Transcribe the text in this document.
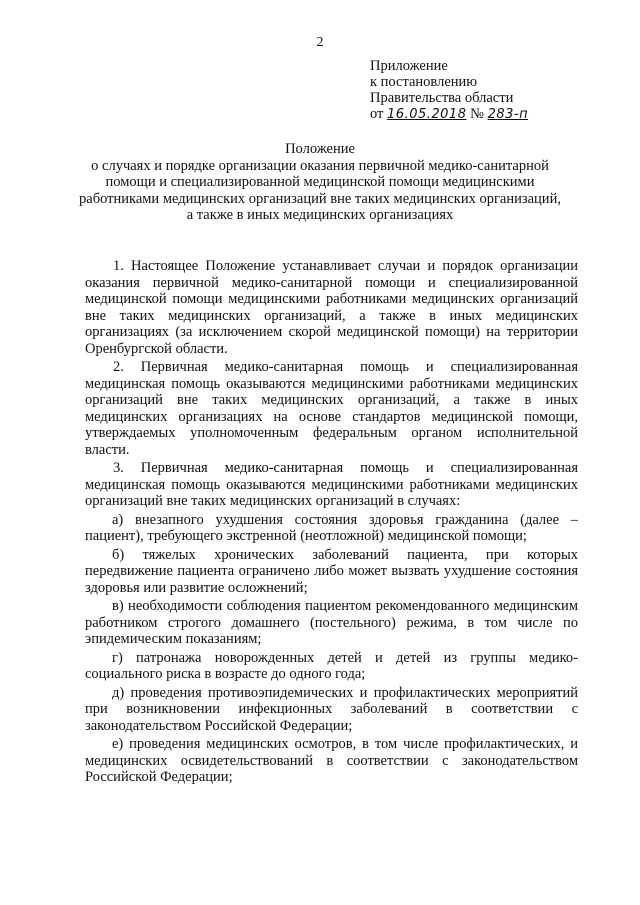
2
Приложение
к постановлению
Правительства области
от 16.05.2018 № 283-п
Положение
о случаях и порядке организации оказания первичной медико-санитарной
помощи и специализированной медицинской помощи медицинскими
работниками медицинских организаций вне таких медицинских организаций,
а также в иных медицинских организациях

1. Настоящее Положение устанавливает случаи и порядок организации оказания первичной медико-санитарной помощи и специализированной медицинской помощи медицинскими работниками медицинских организаций вне таких медицинских организаций, а также в иных медицинских организациях (за исключением скорой медицинской помощи) на территории Оренбургской области.

2. Первичная медико-санитарная помощь и специализированная медицинская помощь оказываются медицинскими работниками медицинских организаций вне таких медицинских организаций, а также в иных медицинских организациях на основе стандартов медицинской помощи, утверждаемых уполномоченным федеральным органом исполнительной власти.

3. Первичная медико-санитарная помощь и специализированная медицинская помощь оказываются медицинскими работниками медицинских организаций вне таких медицинских организаций в случаях:

а) внезапного ухудшения состояния здоровья гражданина (далее – пациент), требующего экстренной (неотложной) медицинской помощи;

б) тяжелых хронических заболеваний пациента, при которых передвижение пациента ограничено либо может вызвать ухудшение состояния здоровья или развитие осложнений;

в) необходимости соблюдения пациентом рекомендованного медицинским работником строгого домашнего (постельного) режима, в том числе по эпидемическим показаниям;

г) патронажа новорожденных детей и детей из группы медико-социального риска в возрасте до одного года;

д) проведения противоэпидемических и профилактических мероприятий при возникновении инфекционных заболеваний в соответствии с законодательством Российской Федерации;

е) проведения медицинских осмотров, в том числе профилактических, и медицинских освидетельствований в соответствии с законодательством Российской Федерации;
